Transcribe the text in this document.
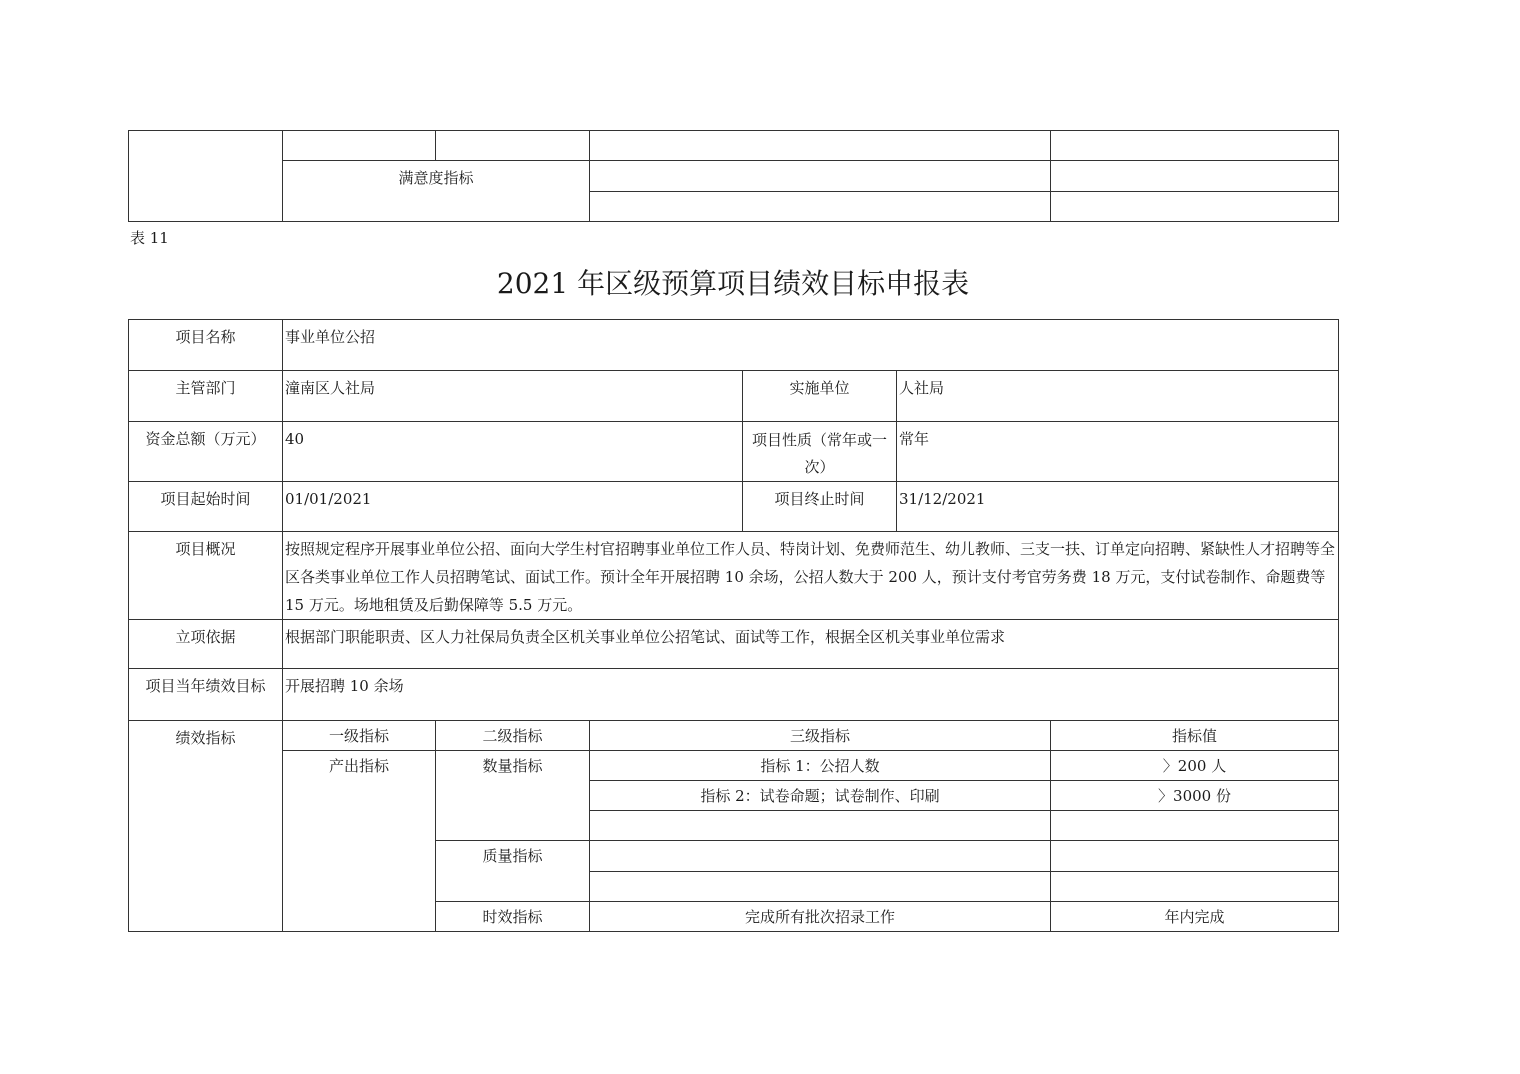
	满意度指标			

表 11
2021 年区级预算项目绩效目标申报表
项目名称	事业单位公招					
主管部门	潼南区人社局			实施单位	人社局	
资金总额（万元）	40			项目性质（常年或一
次）	常年	
项目起始时间	01/01/2021			项目终止时间	31/12/2021	
项目概况	按照规定程序开展事业单位公招、面向大学生村官招聘事业单位工作人员、特岗计划、免费师范生、幼儿教师、三支一扶、订单定向招聘、紧缺性人才招聘等全区各类事业单位工作人员招聘笔试、面试工作。预计全年开展招聘 10 余场，公招人数大于 200 人，预计支付考官劳务费 18 万元，支付试卷制作、命题费等 15 万元。场地租赁及后勤保障等 5.5 万元。					
立项依据	根据部门职能职责、区人力社保局负责全区机关事业单位公招笔试、面试等工作，根据全区机关事业单位需求					
项目当年绩效目标	开展招聘 10 余场					
绩效指标	一级指标	二级指标	三级指标			指标值
	产出指标	数量指标	指标 1：公招人数			〉200 人
			指标 2：试卷命题；试卷制作、印刷			〉3000 份

		质量指标				

		时效指标	完成所有批次招录工作			年内完成
